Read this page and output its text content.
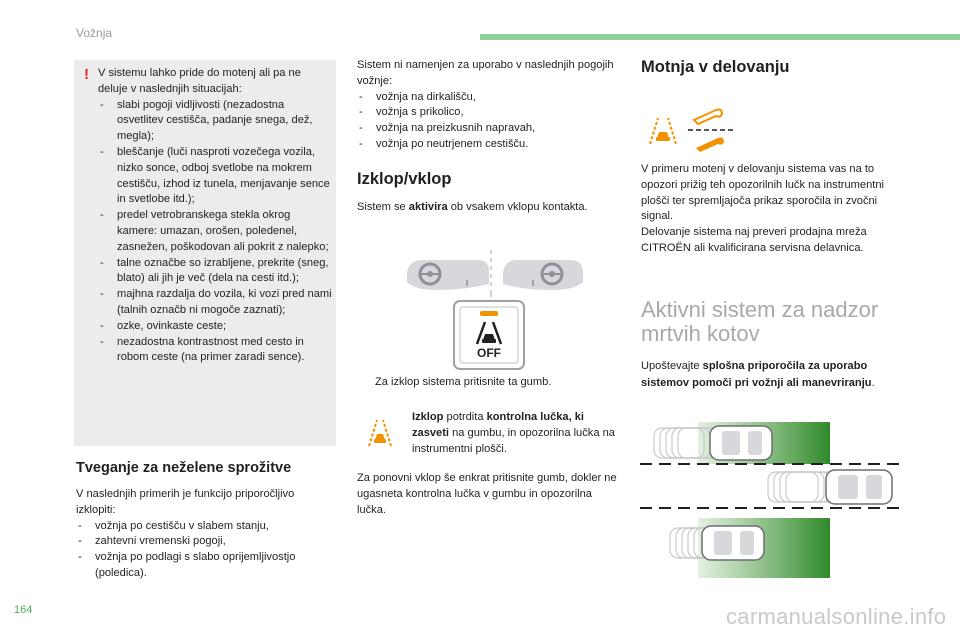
Vožnja
! V sistemu lahko pride do motenj ali pa ne deluje v naslednjih situacijah:

- slabi pogoji vidljivosti (nezadostna osvetlitev cestišča, padanje snega, dež, megla);
- bleščanje (luči nasproti vozečega vozila, nizko sonce, odboj svetlobe na mokrem cestišču, izhod iz tunela, menjavanje sence in svetlobe itd.);
- predel vetrobranskega stekla okrog kamere: umazan, orošen, poledenel, zasnežen, poškodovan ali pokrit z nalepko;
- talne označbe so izrabljene, prekrite (sneg, blato) ali jih je več (dela na cesti itd.);
- majhna razdalja do vozila, ki vozi pred nami (talnih označb ni mogoče zaznati);
- ozke, ovinkaste ceste;
- nezadostna kontrastnost med cesto in robom ceste (na primer zaradi sence).
Tveganje za neželene sprožitve

V naslednjih primerih je funkcijo priporočljivo izklopiti:

- vožnja po cestišču v slabem stanju,
- zahtevni vremenski pogoji,
- vožnja po podlagi s slabo oprijemljivostjo (poledica).

Sistem ni namenjen za uporabo v naslednjih pogojih vožnje:

- vožnja na dirkališču,
- vožnja s prikolico,
- vožnja na preizkusnih napravah,
- vožnja po neutrjenem cestišču.
Izklop/vklop

Sistem se aktivira ob vsakem vklopu kontakta.

OFF
Za izklop sistema pritisnite ta gumb.

Izklop potrdita kontrolna lučka, ki zasveti na gumbu, in opozorilna lučka na instrumentni plošči.

Za ponovni vklop še enkrat pritisnite gumb, dokler ne ugasneta kontrolna lučka v gumbu in opozorilna lučka.
Motnja v delovanju

V primeru motenj v delovanju sistema vas na to opozori prižig teh opozorilnih lučk na instrumentni plošči ter spremljajoča prikaz sporočila in zvočni signal.

Delovanje sistema naj preveri prodajna mreža CITROËN ali kvalificirana servisna delavnica.

Aktivni sistem za nadzor mrtvih kotov

Upoštevajte splošna priporočila za uporabo sistemov pomoči pri vožnji ali manevriranju.

164	carmanualsonline.info
